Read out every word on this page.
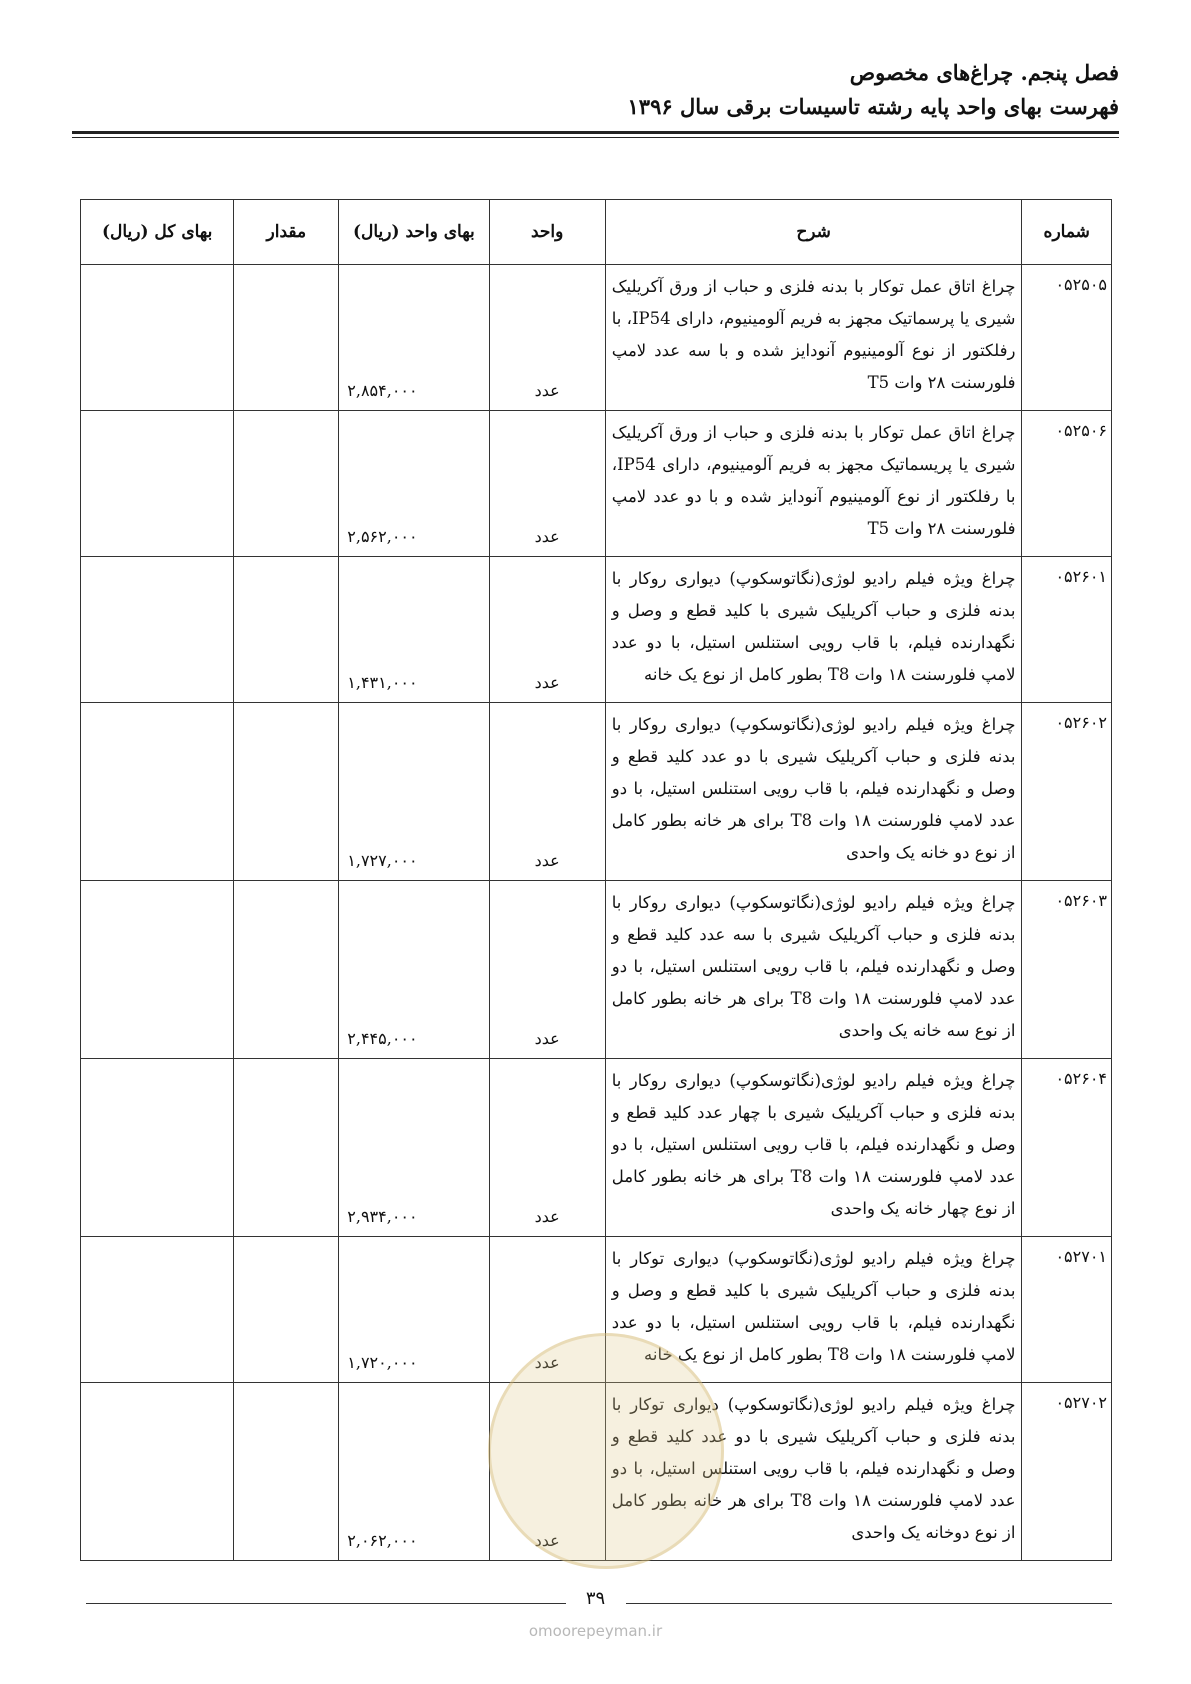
فصل پنجم. چراغ‌های مخصوص
فهرست بهای واحد پایه رشته تاسیسات برقی سال ۱۳۹۶
شماره	شرح	واحد	بهای واحد (ریال)	مقدار	بهای کل (ریال)
۰۵۲۵۰۵	چراغ اتاق عمل توکار با بدنه فلزی و حباب از ورق آکریلیک شیری یا پرسماتیک مجهز به فریم آلومینیوم، دارای IP54، با رفلکتور از نوع آلومینیوم آنودایز شده و با سه عدد لامپ فلورسنت ۲۸ وات T5	عدد	۲,۸۵۴,۰۰۰		
۰۵۲۵۰۶	چراغ اتاق عمل توکار با بدنه فلزی و حباب از ورق آکریلیک شیری یا پریسماتیک مجهز به فریم آلومینیوم، دارای IP54، با رفلکتور از نوع آلومینیوم آنودایز شده و با دو عدد لامپ فلورسنت ۲۸ وات T5	عدد	۲,۵۶۲,۰۰۰		
۰۵۲۶۰۱	چراغ ویژه فیلم رادیو لوژی(نگاتوسکوپ) دیواری روکار با بدنه فلزی و حباب آکریلیک شیری با کلید قطع و وصل و نگهدارنده فیلم، با قاب رویی استنلس استیل، با دو عدد لامپ فلورسنت ۱۸ وات T8 بطور کامل از نوع یک خانه	عدد	۱,۴۳۱,۰۰۰		
۰۵۲۶۰۲	چراغ ویژه فیلم رادیو لوژی(نگاتوسکوپ) دیواری روکار با بدنه فلزی و حباب آکریلیک شیری با دو عدد کلید قطع و وصل و نگهدارنده فیلم، با قاب رویی استنلس استیل، با دو عدد لامپ فلورسنت ۱۸ وات T8 برای هر خانه بطور کامل از نوع دو خانه یک واحدی	عدد	۱,۷۲۷,۰۰۰		
۰۵۲۶۰۳	چراغ ویژه فیلم رادیو لوژی(نگاتوسکوپ) دیواری روکار با بدنه فلزی و حباب آکریلیک شیری با سه عدد کلید قطع و وصل و نگهدارنده فیلم، با قاب رویی استنلس استیل، با دو عدد لامپ فلورسنت ۱۸ وات T8 برای هر خانه بطور کامل از نوع سه خانه یک واحدی	عدد	۲,۴۴۵,۰۰۰		
۰۵۲۶۰۴	چراغ ویژه فیلم رادیو لوژی(نگاتوسکوپ) دیواری روکار با بدنه فلزی و حباب آکریلیک شیری با چهار عدد کلید قطع و وصل و نگهدارنده فیلم، با قاب رویی استنلس استیل، با دو عدد لامپ فلورسنت ۱۸ وات T8 برای هر خانه بطور کامل از نوع چهار خانه یک واحدی	عدد	۲,۹۳۴,۰۰۰		
۰۵۲۷۰۱	چراغ ویژه فیلم رادیو لوژی(نگاتوسکوپ) دیواری توکار با بدنه فلزی و حباب آکریلیک شیری با کلید قطع و وصل و نگهدارنده فیلم، با قاب رویی استنلس استیل، با دو عدد لامپ فلورسنت ۱۸ وات T8 بطور کامل از نوع یک خانه	عدد	۱,۷۲۰,۰۰۰		
۰۵۲۷۰۲	چراغ ویژه فیلم رادیو لوژی(نگاتوسکوپ) دیواری توکار با بدنه فلزی و حباب آکریلیک شیری با دو عدد کلید قطع و وصل و نگهدارنده فیلم، با قاب رویی استنلس استیل، با دو عدد لامپ فلورسنت ۱۸ وات T8 برای هر خانه بطور کامل از نوع دوخانه یک واحدی	عدد	۲,۰۶۲,۰۰۰		
۳۹
omoorepeyman.ir
